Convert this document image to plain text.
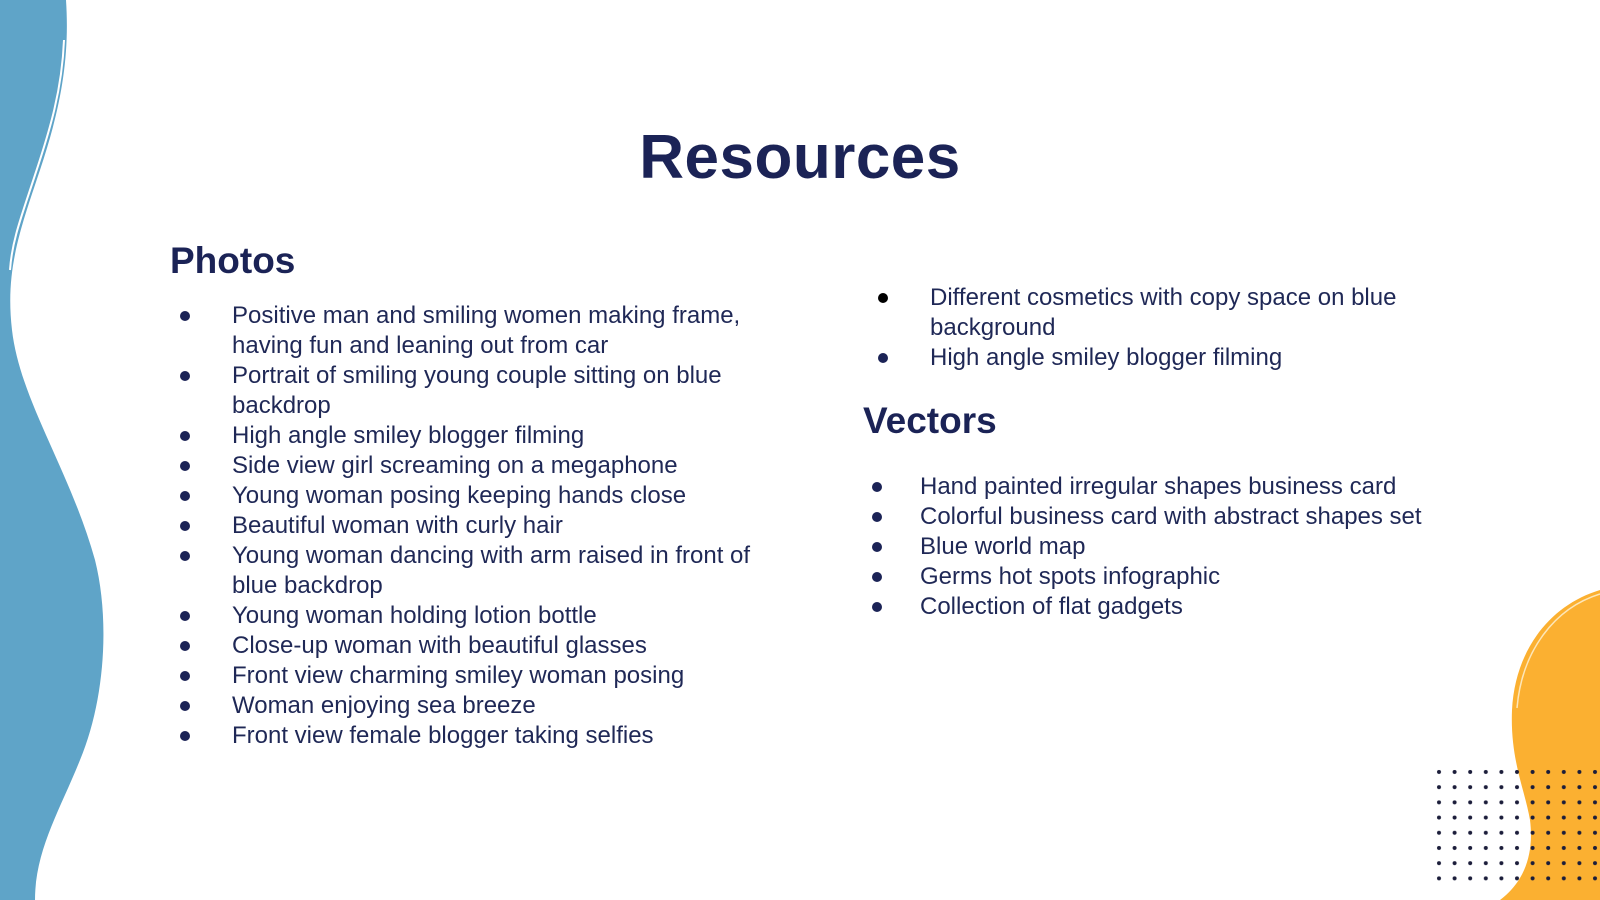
Resources
Photos
Positive man and smiling women making frame, having fun and leaning out from car
Portrait of smiling young couple sitting on blue backdrop
High angle smiley blogger filming
Side view girl screaming on a megaphone
Young woman posing keeping hands close
Beautiful woman with curly hair
Young woman dancing with arm raised in front of blue backdrop
Young woman holding lotion bottle
Close-up woman with beautiful glasses
Front view charming smiley woman posing
Woman enjoying sea breeze
Front view female blogger taking selfies
Different cosmetics with copy space on blue background
High angle smiley blogger filming
Vectors
Hand painted irregular shapes business card
Colorful business card with abstract shapes set
Blue world map
Germs hot spots infographic
Collection of flat gadgets
